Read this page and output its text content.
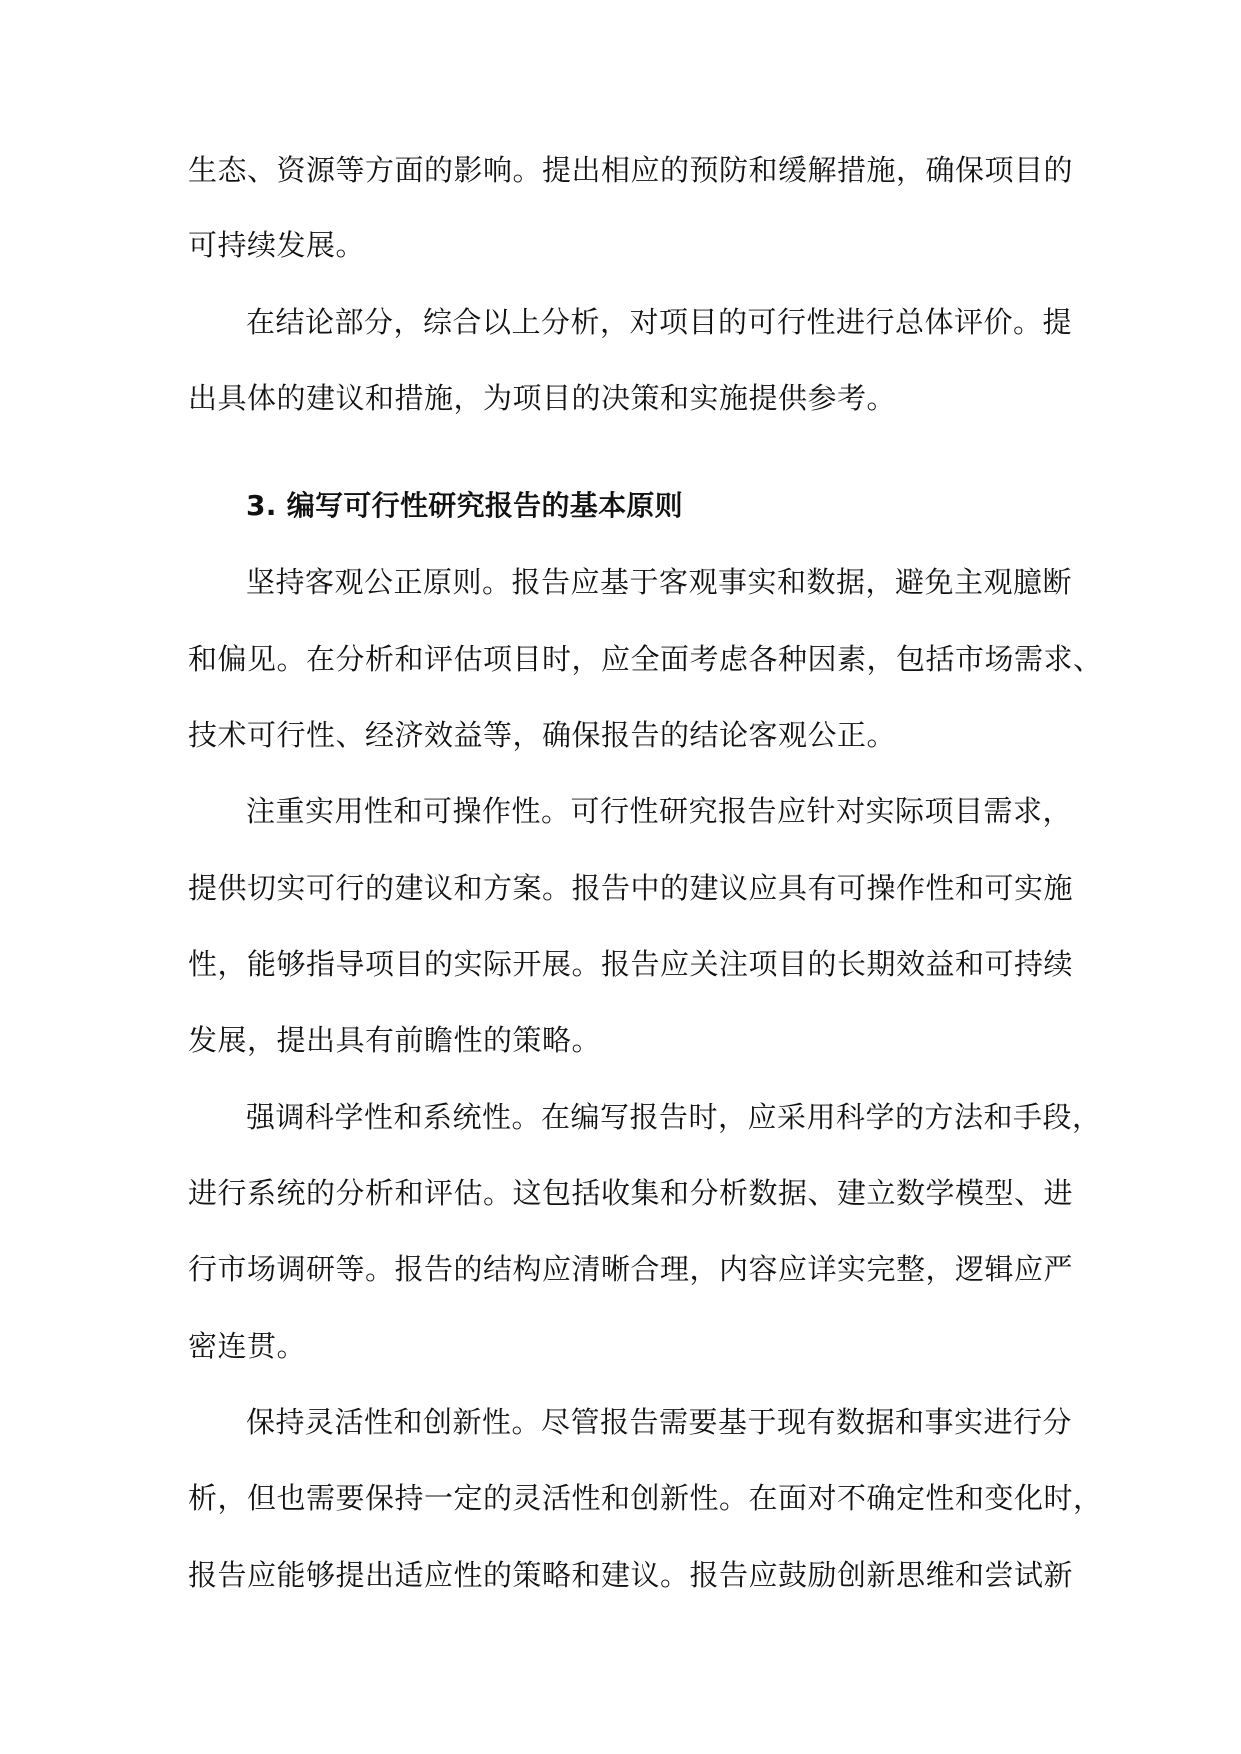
生态、资源等方面的影响。提出相应的预防和缓解措施，确保项目的
可持续发展。
在结论部分，综合以上分析，对项目的可行性进行总体评价。提
出具体的建议和措施，为项目的决策和实施提供参考。
3. 编写可行性研究报告的基本原则
坚持客观公正原则。报告应基于客观事实和数据，避免主观臆断
和偏见。在分析和评估项目时，应全面考虑各种因素，包括市场需求、
技术可行性、经济效益等，确保报告的结论客观公正。
注重实用性和可操作性。可行性研究报告应针对实际项目需求，
提供切实可行的建议和方案。报告中的建议应具有可操作性和可实施
性，能够指导项目的实际开展。报告应关注项目的长期效益和可持续
发展，提出具有前瞻性的策略。
强调科学性和系统性。在编写报告时，应采用科学的方法和手段，
进行系统的分析和评估。这包括收集和分析数据、建立数学模型、进
行市场调研等。报告的结构应清晰合理，内容应详实完整，逻辑应严
密连贯。
保持灵活性和创新性。尽管报告需要基于现有数据和事实进行分
析，但也需要保持一定的灵活性和创新性。在面对不确定性和变化时，
报告应能够提出适应性的策略和建议。报告应鼓励创新思维和尝试新
